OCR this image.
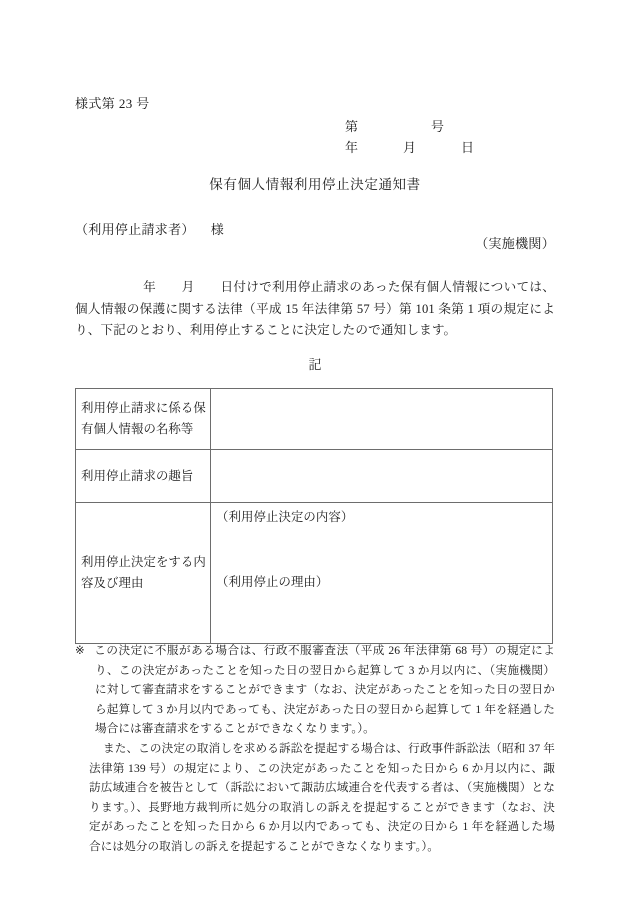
様式第 23 号
第	号
年	月	日
保有個人情報利用停止決定通知書
（利用停止請求者） 様
（実施機関）
年　　月　　日付けで利用停止請求のあった保有個人情報については、個人情報の保護に関する法律（平成 15 年法律第 57 号）第 101 条第 1 項の規定により、下記のとおり、利用停止することに決定したので通知します。
記
利用停止請求に係る保有個人情報の名称等	
利用停止請求の趣旨	
利用停止決定をする内容及び理由	（利用停止決定の内容）
（利用停止の理由）

※ この決定に不服がある場合は、行政不服審査法（平成 26 年法律第 68 号）の規定により、この決定があったことを知った日の翌日から起算して 3 か月以内に、（実施機関）に対して審査請求をすることができます（なお、決定があったことを知った日の翌日から起算して 3 か月以内であっても、決定があった日の翌日から起算して 1 年を経過した場合には審査請求をすることができなくなります。）。

また、この決定の取消しを求める訴訟を提起する場合は、行政事件訴訟法（昭和 37 年法律第 139 号）の規定により、この決定があったことを知った日から 6 か月以内に、諏訪広域連合を被告として（訴訟において諏訪広域連合を代表する者は、（実施機関）となります。）、長野地方裁判所に処分の取消しの訴えを提起することができます（なお、決定があったことを知った日から 6 か月以内であっても、決定の日から 1 年を経過した場合には処分の取消しの訴えを提起することができなくなります。）。
